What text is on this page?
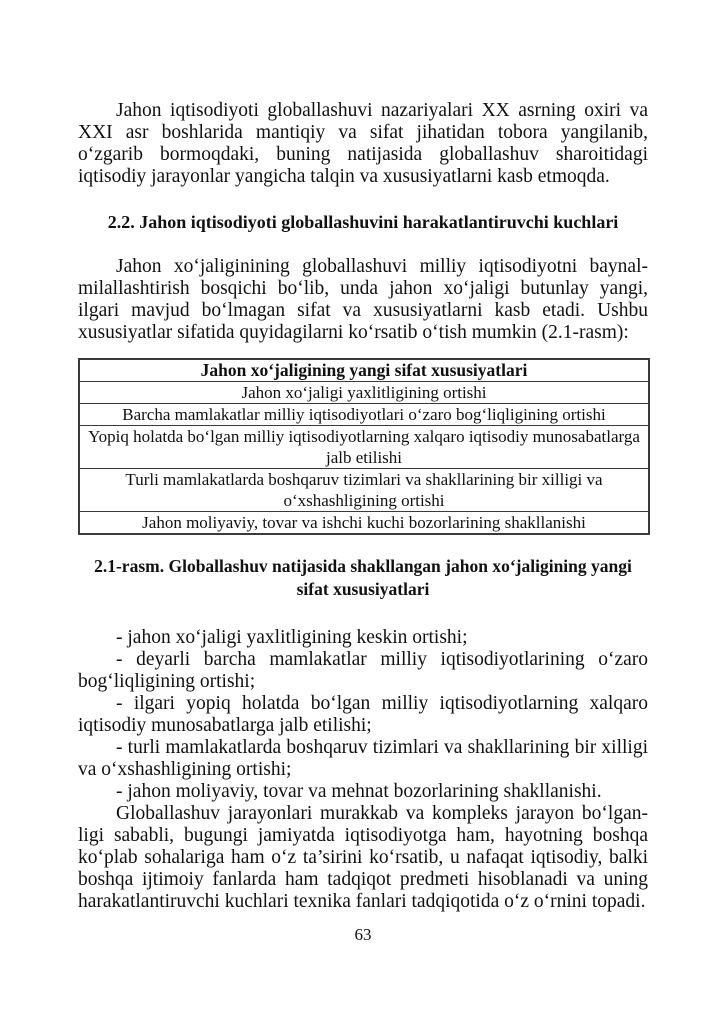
Jahon iqtisodiyoti globallashuvi nazariyalari XX asrning oxiri va XXI asr boshlarida mantiqiy va sifat jihatidan tobora yangilanib, o‘zgarib bormoqdaki, buning natijasida globallashuv sharoitidagi iqtisodiy jarayonlar yangicha talqin va xususiyatlarni kasb etmoqda.

2.2. Jahon iqtisodiyoti globallashuvini harakatlantiruvchi kuchlari

Jahon xo‘jaliginining globallashuvi milliy iqtisodiyotni baynal-milallashtirish bosqichi bo‘lib, unda jahon xo‘jaligi butunlay yangi, ilgari mavjud bo‘lmagan sifat va xususiyatlarni kasb etadi. Ushbu xususiyatlar sifatida quyidagilarni ko‘rsatib o‘tish mumkin (2.1-rasm):

Jahon xo‘jaligining yangi sifat xususiyatlari
Jahon xo‘jaligi yaxlitligining ortishi
Barcha mamlakatlar milliy iqtisodiyotlari o‘zaro bog‘liqligining ortishi
Yopiq holatda bo‘lgan milliy iqtisodiyotlarning xalqaro iqtisodiy munosabatlarga jalb etilishi
Turli mamlakatlarda boshqaruv tizimlari va shakllarining bir xilligi va o‘xshashligining ortishi
Jahon moliyaviy, tovar va ishchi kuchi bozorlarining shakllanishi
2.1-rasm. Globallashuv natijasida shakllangan jahon xo‘jaligining yangi sifat xususiyatlari

- jahon xo‘jaligi yaxlitligining keskin ortishi;

- deyarli barcha mamlakatlar milliy iqtisodiyotlarining o‘zaro bog‘liqligining ortishi;

- ilgari yopiq holatda bo‘lgan milliy iqtisodiyotlarning xalqaro iqtisodiy munosabatlarga jalb etilishi;

- turli mamlakatlarda boshqaruv tizimlari va shakllarining bir xilligi va o‘xshashligining ortishi;

- jahon moliyaviy, tovar va mehnat bozorlarining shakllanishi.

Globallashuv jarayonlari murakkab va kompleks jarayon bo‘lgan-ligi sababli, bugungi jamiyatda iqtisodiyotga ham, hayotning boshqa ko‘plab sohalariga ham o‘z ta’sirini ko‘rsatib, u nafaqat iqtisodiy, balki boshqa ijtimoiy fanlarda ham tadqiqot predmeti hisoblanadi va uning harakatlantiruvchi kuchlari texnika fanlari tadqiqotida o‘z o‘rnini topadi.

63
